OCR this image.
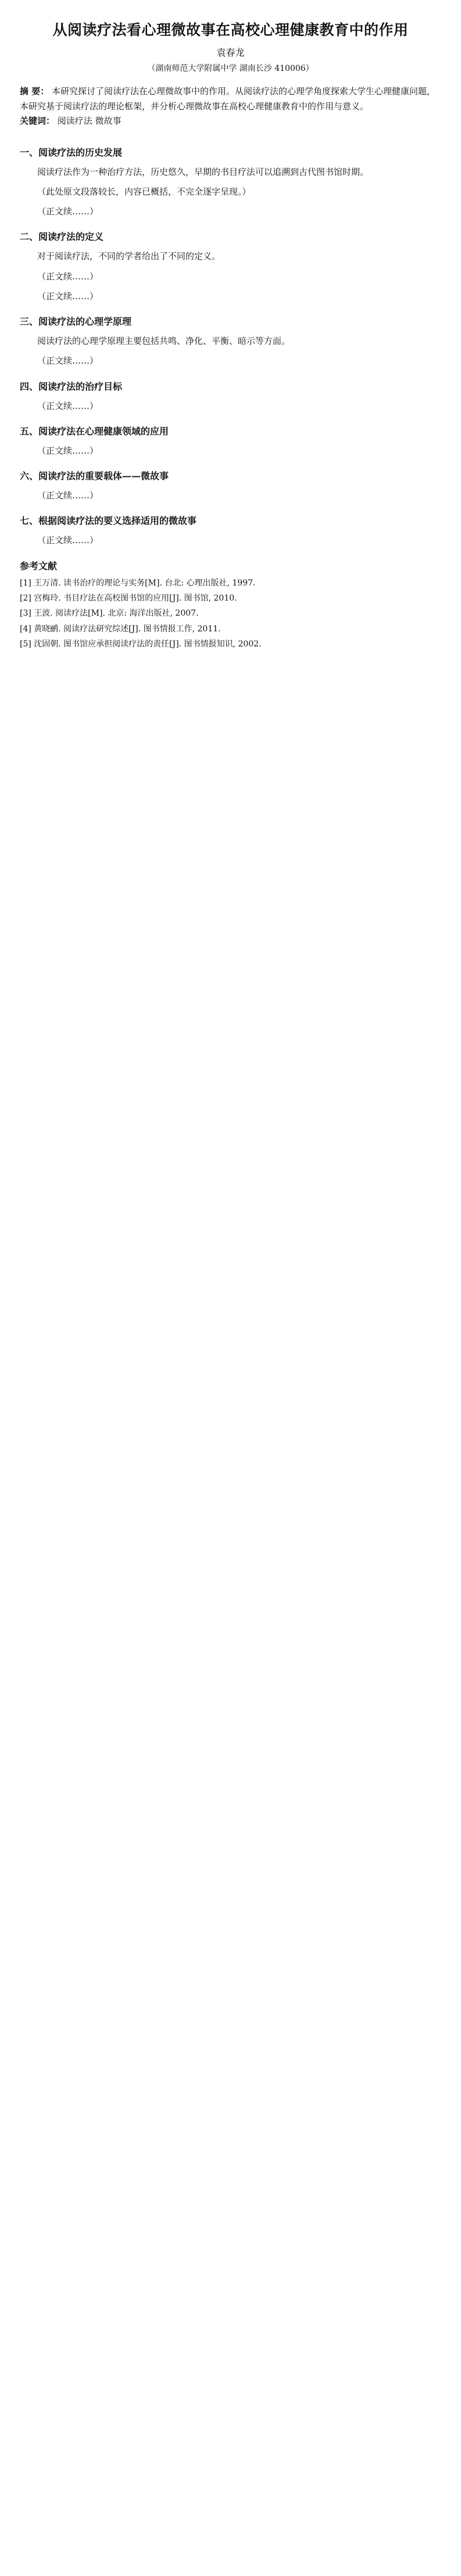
从阅读疗法看心理微故事在高校心理健康教育中的作用
袁春龙
（湖南师范大学附属中学 湖南长沙 410006）
摘 要： 本研究探讨了阅读疗法在心理微故事中的作用。从阅读疗法的心理学角度探索大学生心理健康问题，本研究基于阅读疗法的理论框架，并分析心理微故事在高校心理健康教育中的作用与意义。
关键词： 阅读疗法 微故事
一、阅读疗法的历史发展
阅读疗法作为一种治疗方法，历史悠久，早期的书目疗法可以追溯到古代图书馆时期。
（此处原文段落较长，内容已概括，不完全逐字呈现。）
（正文续……）
二、阅读疗法的定义
对于阅读疗法，不同的学者给出了不同的定义。
（正文续……）
（正文续……）
三、阅读疗法的心理学原理
阅读疗法的心理学原理主要包括共鸣、净化、平衡、暗示等方面。
（正文续……）
四、阅读疗法的治疗目标
（正文续……）
五、阅读疗法在心理健康领域的应用
（正文续……）
六、阅读疗法的重要载体——微故事
（正文续……）
七、根据阅读疗法的要义选择适用的微故事
（正文续……）
参考文献
[1] 王万清. 读书治疗的理论与实务[M]. 台北: 心理出版社, 1997.
[2] 宫梅玲. 书目疗法在高校图书馆的应用[J]. 图书馆, 2010.
[3] 王波. 阅读疗法[M]. 北京: 海洋出版社, 2007.
[4] 黄晓鹂. 阅读疗法研究综述[J]. 图书情报工作, 2011.
[5] 沈固朝. 图书馆应承担阅读疗法的责任[J]. 图书情报知识, 2002.
